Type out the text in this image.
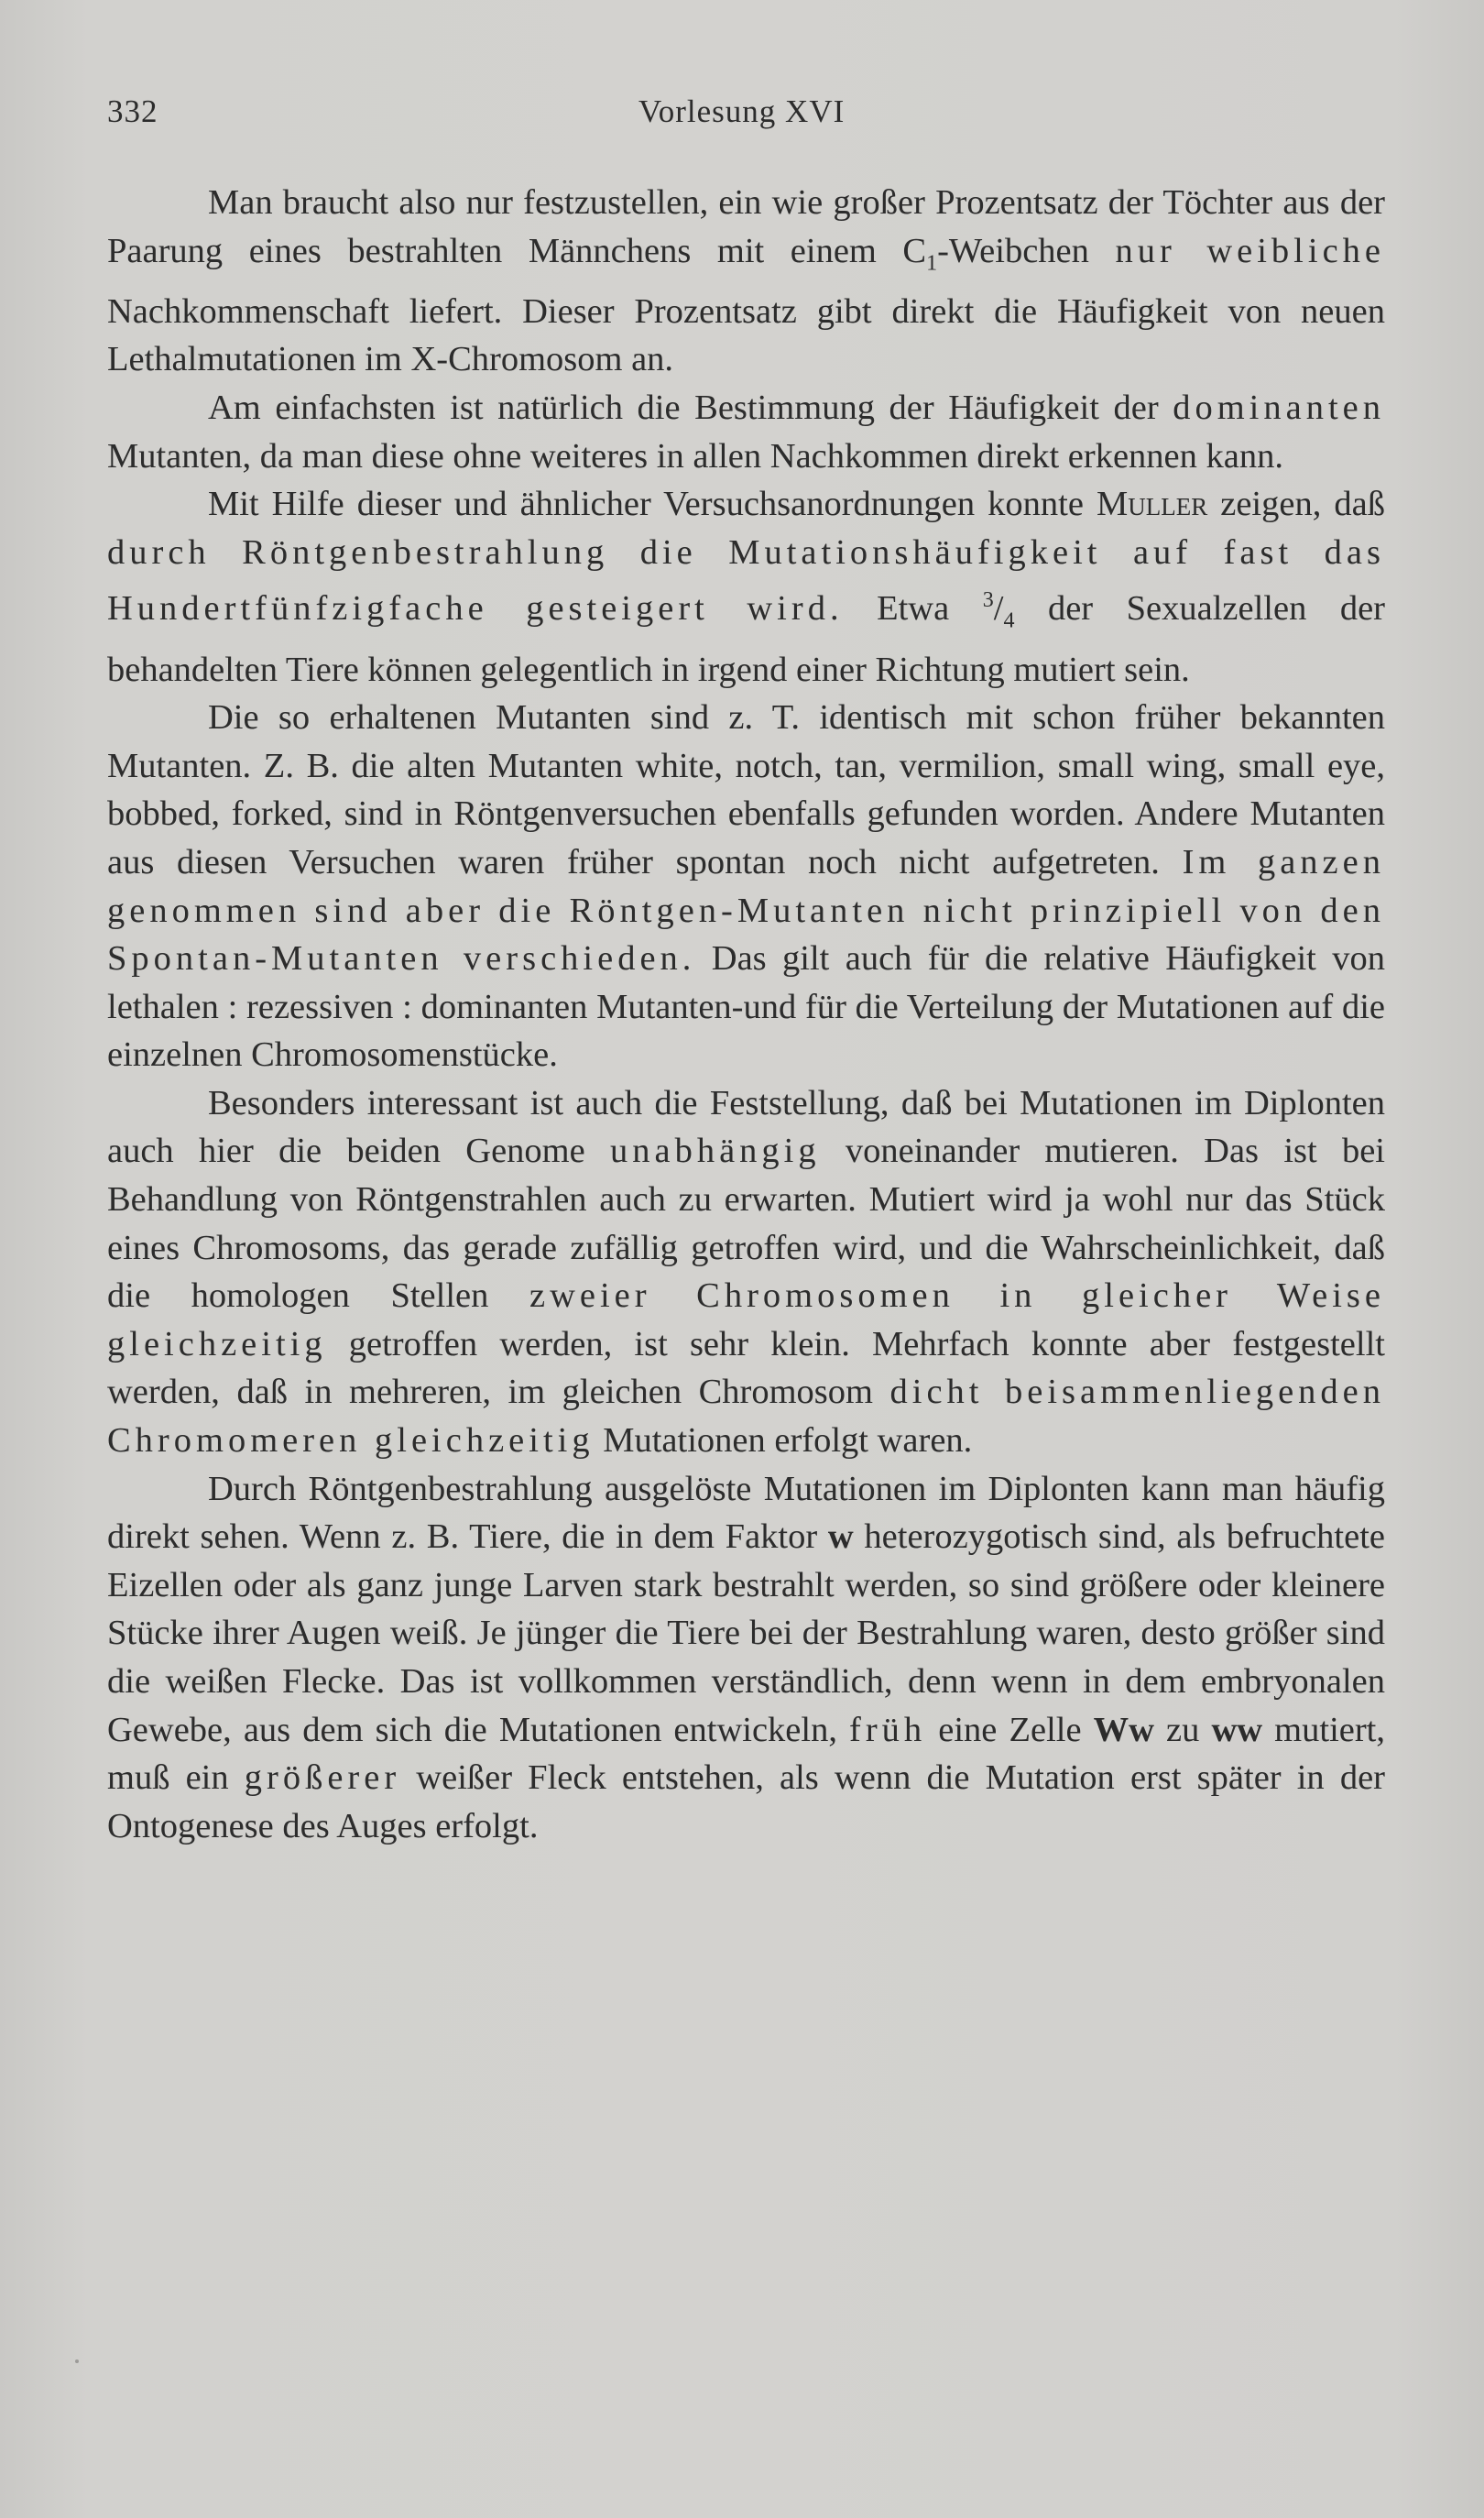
332	Vorlesung XVI

Man braucht also nur festzustellen, ein wie großer Prozentsatz der Töchter aus der Paarung eines bestrahlten Männchens mit einem $C_1$-Weibchen nur weibliche Nachkommenschaft liefert. Dieser Prozentsatz gibt direkt die Häufigkeit von neuen Lethalmutationen im X-Chromosom an.

Am einfachsten ist natürlich die Bestimmung der Häufigkeit der dominanten Mutanten, da man diese ohne weiteres in allen Nachkommen direkt erkennen kann.

Mit Hilfe dieser und ähnlicher Versuchsanordnungen konnte Muller zeigen, daß durch Röntgenbestrahlung die Mutationshäufigkeit auf fast das Hundertfünfzigfache gesteigert wird. Etwa $^3/_4$ der Sexualzellen der behandelten Tiere können gelegentlich in irgend einer Richtung mutiert sein.

Die so erhaltenen Mutanten sind z. T. identisch mit schon früher bekannten Mutanten. Z. B. die alten Mutanten white, notch, tan, vermilion, small wing, small eye, bobbed, forked, sind in Röntgenversuchen ebenfalls gefunden worden. Andere Mutanten aus diesen Versuchen waren früher spontan noch nicht aufgetreten. Im ganzen genommen sind aber die Röntgen-Mutanten nicht prinzipiell von den Spontan-Mutanten verschieden. Das gilt auch für die relative Häufigkeit von lethalen : rezessiven : dominanten Mutanten-und für die Verteilung der Mutationen auf die einzelnen Chromosomenstücke.

Besonders interessant ist auch die Feststellung, daß bei Mutationen im Diplonten auch hier die beiden Genome unabhängig voneinander mutieren. Das ist bei Behandlung von Röntgenstrahlen auch zu erwarten. Mutiert wird ja wohl nur das Stück eines Chromosoms, das gerade zufällig getroffen wird, und die Wahrscheinlichkeit, daß die homologen Stellen zweier Chromosomen in gleicher Weise gleichzeitig getroffen werden, ist sehr klein. Mehrfach konnte aber festgestellt werden, daß in mehreren, im gleichen Chromosom dicht beisammenliegenden Chromomeren gleichzeitig Mutationen erfolgt waren.

Durch Röntgenbestrahlung ausgelöste Mutationen im Diplonten kann man häufig direkt sehen. Wenn z. B. Tiere, die in dem Faktor w heterozygotisch sind, als befruchtete Eizellen oder als ganz junge Larven stark bestrahlt werden, so sind größere oder kleinere Stücke ihrer Augen weiß. Je jünger die Tiere bei der Bestrahlung waren, desto größer sind die weißen Flecke. Das ist vollkommen verständlich, denn wenn in dem embryonalen Gewebe, aus dem sich die Mutationen entwickeln, früh eine Zelle Ww zu ww mutiert, muß ein größerer weißer Fleck entstehen, als wenn die Mutation erst später in der Ontogenese des Auges erfolgt.
